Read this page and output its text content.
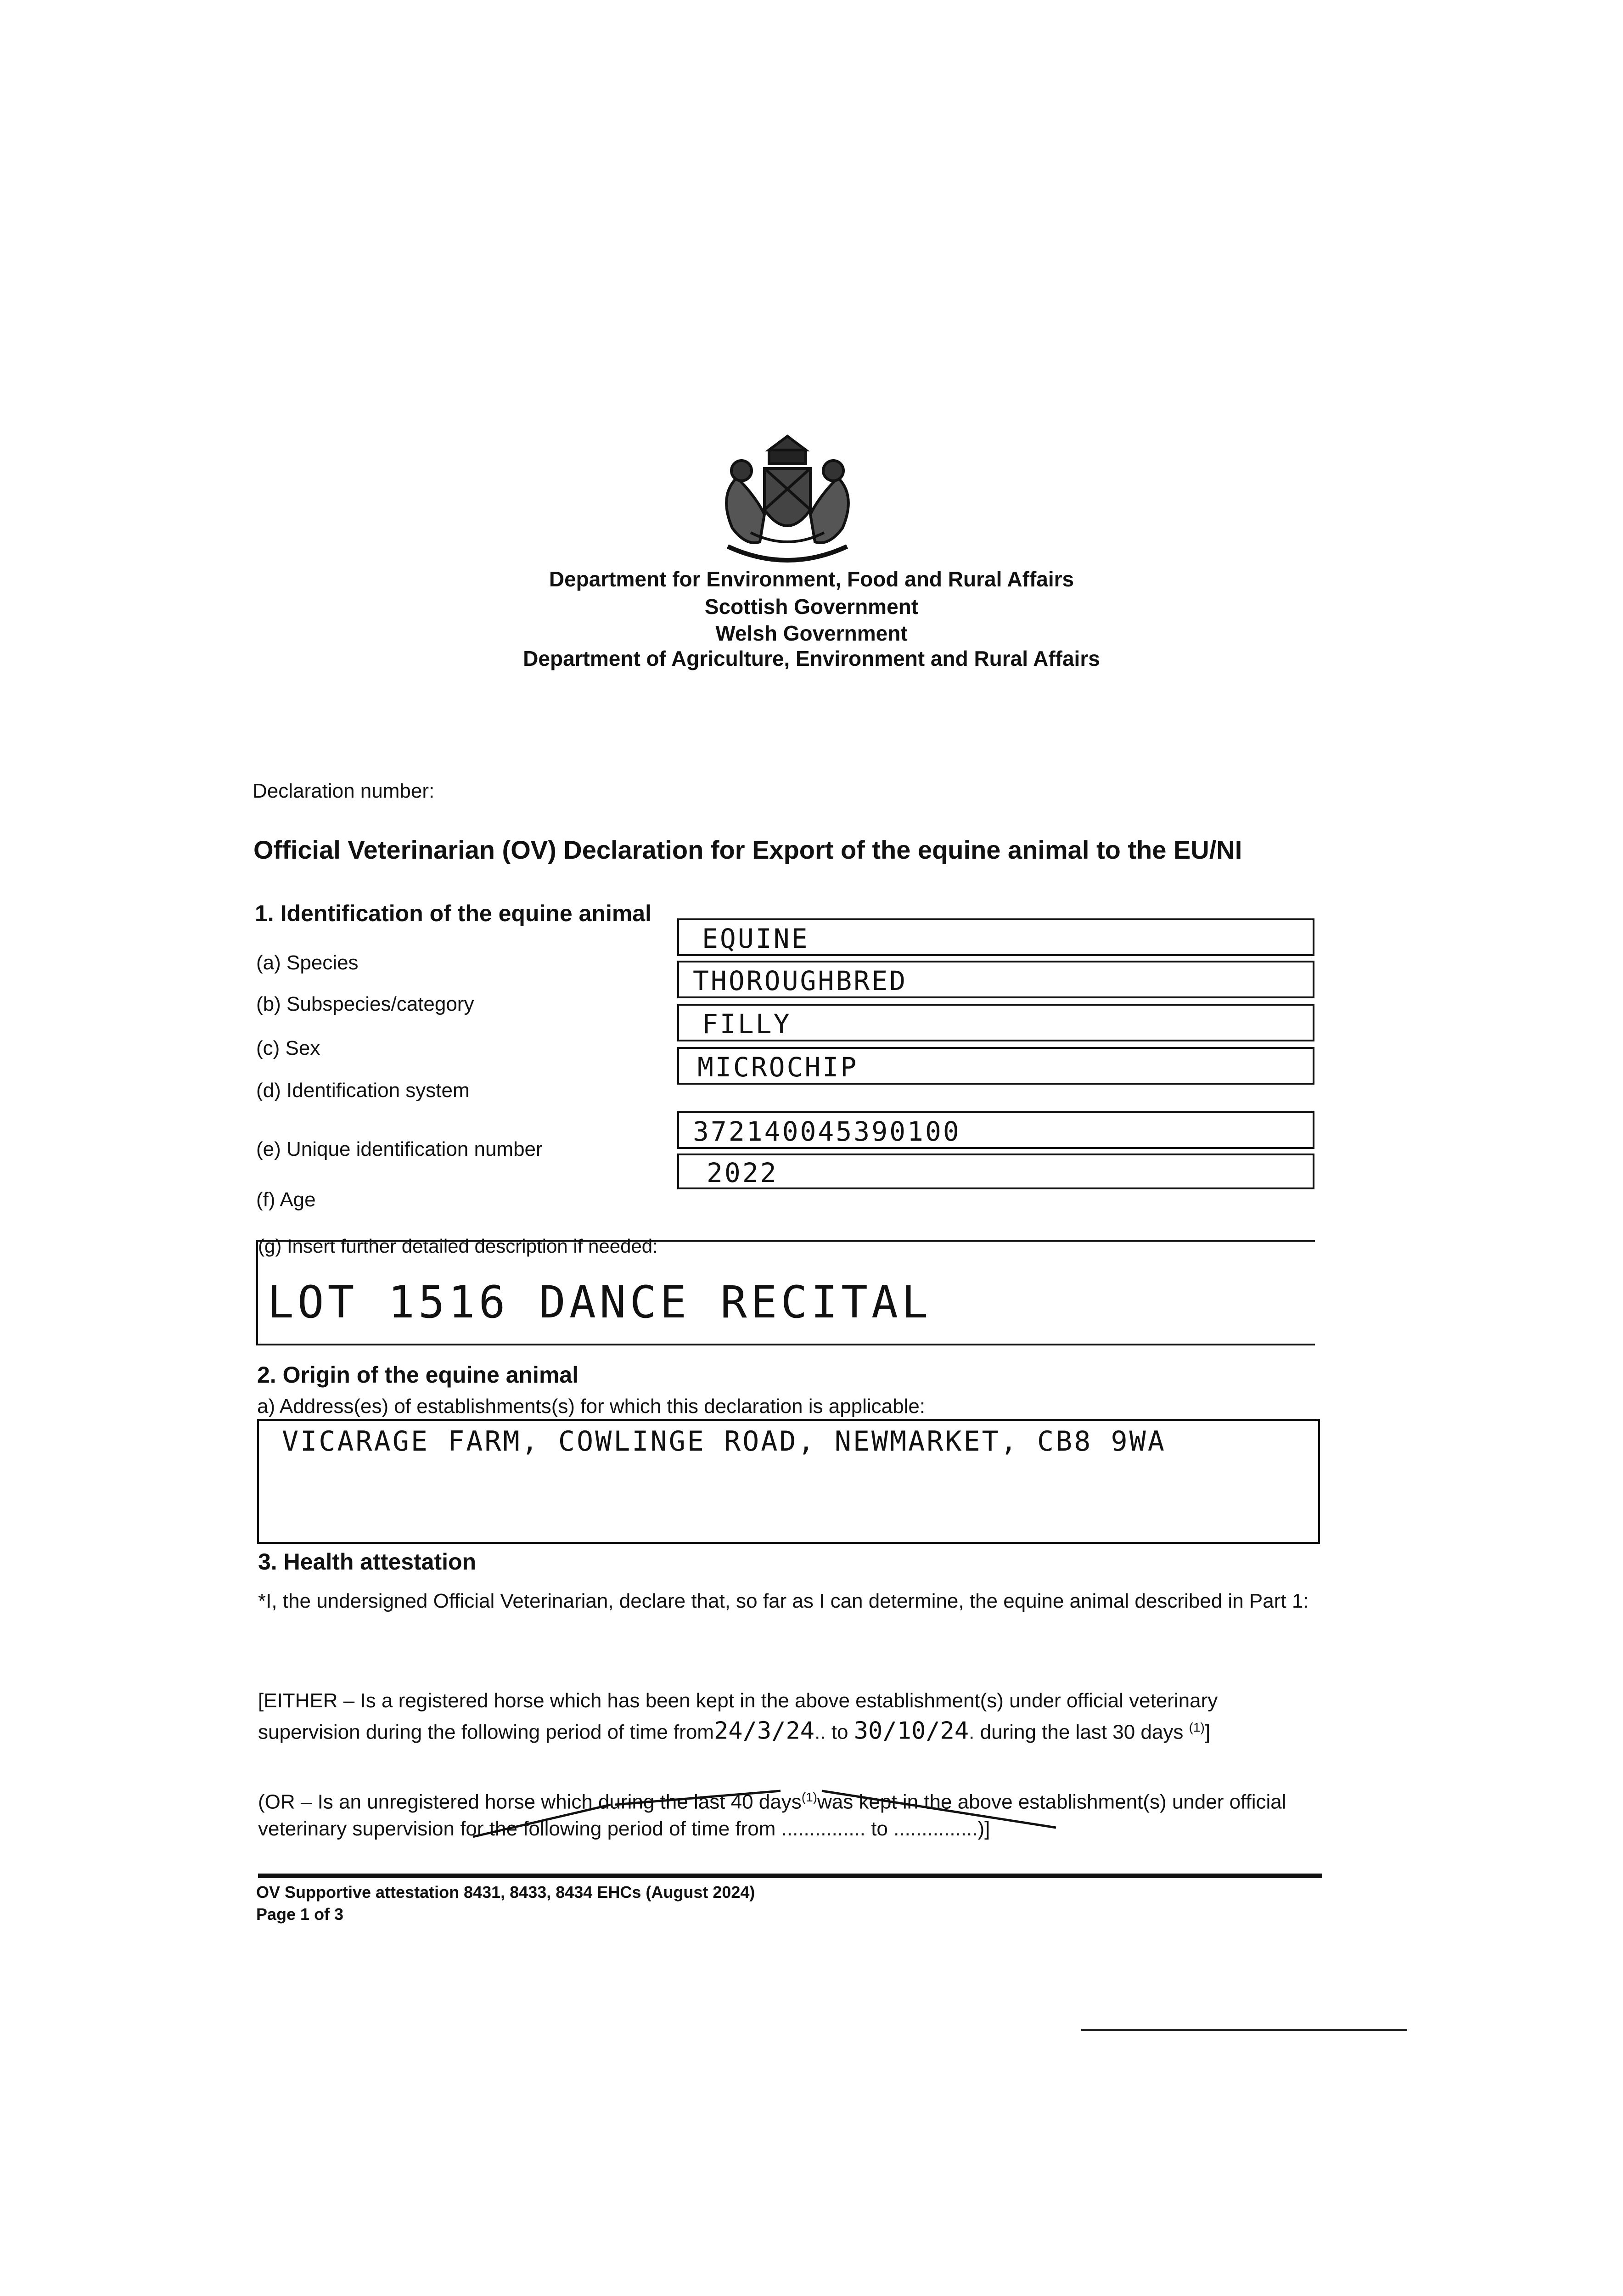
Department for Environment, Food and Rural Affairs
Scottish Government
Welsh Government
Department of Agriculture, Environment and Rural Affairs
Declaration number:
Official Veterinarian (OV) Declaration for Export of the equine animal to the EU/NI
1. Identification of the equine animal
(a) Species
EQUINE
(b) Subspecies/category
THOROUGHBRED
(c) Sex
FILLY
(d) Identification system
MICROCHIP
(e) Unique identification number
372140045390100
(f) Age
2022
(g) Insert further detailed description if needed:
LOT 1516 DANCE RECITAL
2. Origin of the equine animal
a) Address(es) of establishments(s) for which this declaration is applicable:
VICARAGE FARM, COWLINGE ROAD, NEWMARKET, CB8 9WA
3. Health attestation
*I, the undersigned Official Veterinarian, declare that, so far as I can determine, the equine animal described in Part 1:
[EITHER – Is a registered horse which has been kept in the above establishment(s) under official veterinary supervision during the following period of time from24/3/24.. to 30/10/24. during the last 30 days $^{(1)}$]
(OR – Is an unregistered horse which during the last 40 days$^{(1)}$was kept in the above establishment(s) under official veterinary supervision for the following period of time from ............... to ...............)]
OV Supportive attestation 8431, 8433, 8434 EHCs (August 2024)
Page 1 of 3
